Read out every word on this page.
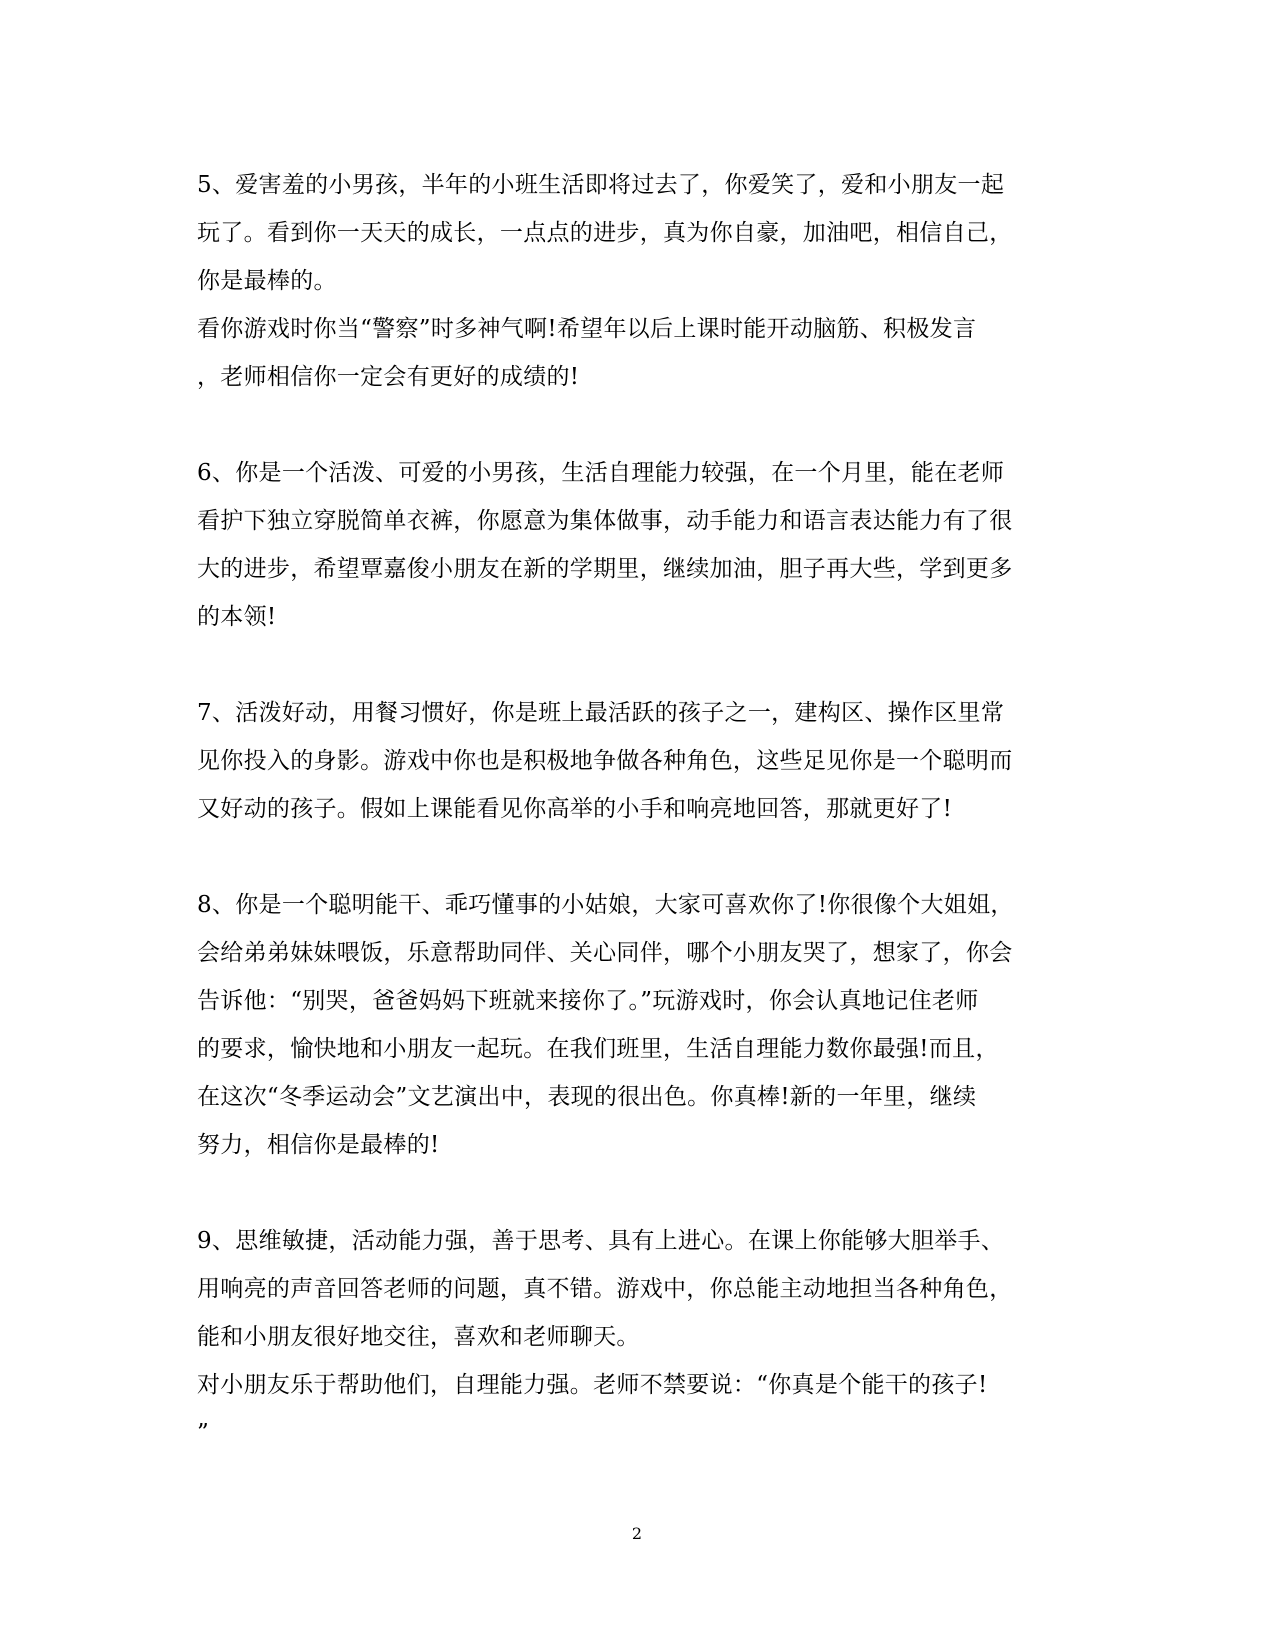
5、爱害羞的小男孩，半年的小班生活即将过去了，你爱笑了，爱和小朋友一起
玩了。看到你一天天的成长，一点点的进步，真为你自豪，加油吧，相信自己，
你是最棒的。
看你游戏时你当“警察”时多神气啊!希望年以后上课时能开动脑筋、积极发言
，老师相信你一定会有更好的成绩的!
6、你是一个活泼、可爱的小男孩，生活自理能力较强，在一个月里，能在老师
看护下独立穿脱简单衣裤，你愿意为集体做事，动手能力和语言表达能力有了很
大的进步，希望覃嘉俊小朋友在新的学期里，继续加油，胆子再大些，学到更多
的本领!
7、活泼好动，用餐习惯好，你是班上最活跃的孩子之一，建构区、操作区里常
见你投入的身影。游戏中你也是积极地争做各种角色，这些足见你是一个聪明而
又好动的孩子。假如上课能看见你高举的小手和响亮地回答，那就更好了!
8、你是一个聪明能干、乖巧懂事的小姑娘，大家可喜欢你了!你很像个大姐姐，
会给弟弟妹妹喂饭，乐意帮助同伴、关心同伴，哪个小朋友哭了，想家了，你会
告诉他：“别哭，爸爸妈妈下班就来接你了。”玩游戏时，你会认真地记住老师
的要求，愉快地和小朋友一起玩。在我们班里，生活自理能力数你最强!而且，
在这次“冬季运动会”文艺演出中，表现的很出色。你真棒!新的一年里，继续
努力，相信你是最棒的!
9、思维敏捷，活动能力强，善于思考、具有上进心。在课上你能够大胆举手、
用响亮的声音回答老师的问题，真不错。游戏中，你总能主动地担当各种角色，
能和小朋友很好地交往，喜欢和老师聊天。
对小朋友乐于帮助他们，自理能力强。老师不禁要说：“你真是个能干的孩子!
”
2
